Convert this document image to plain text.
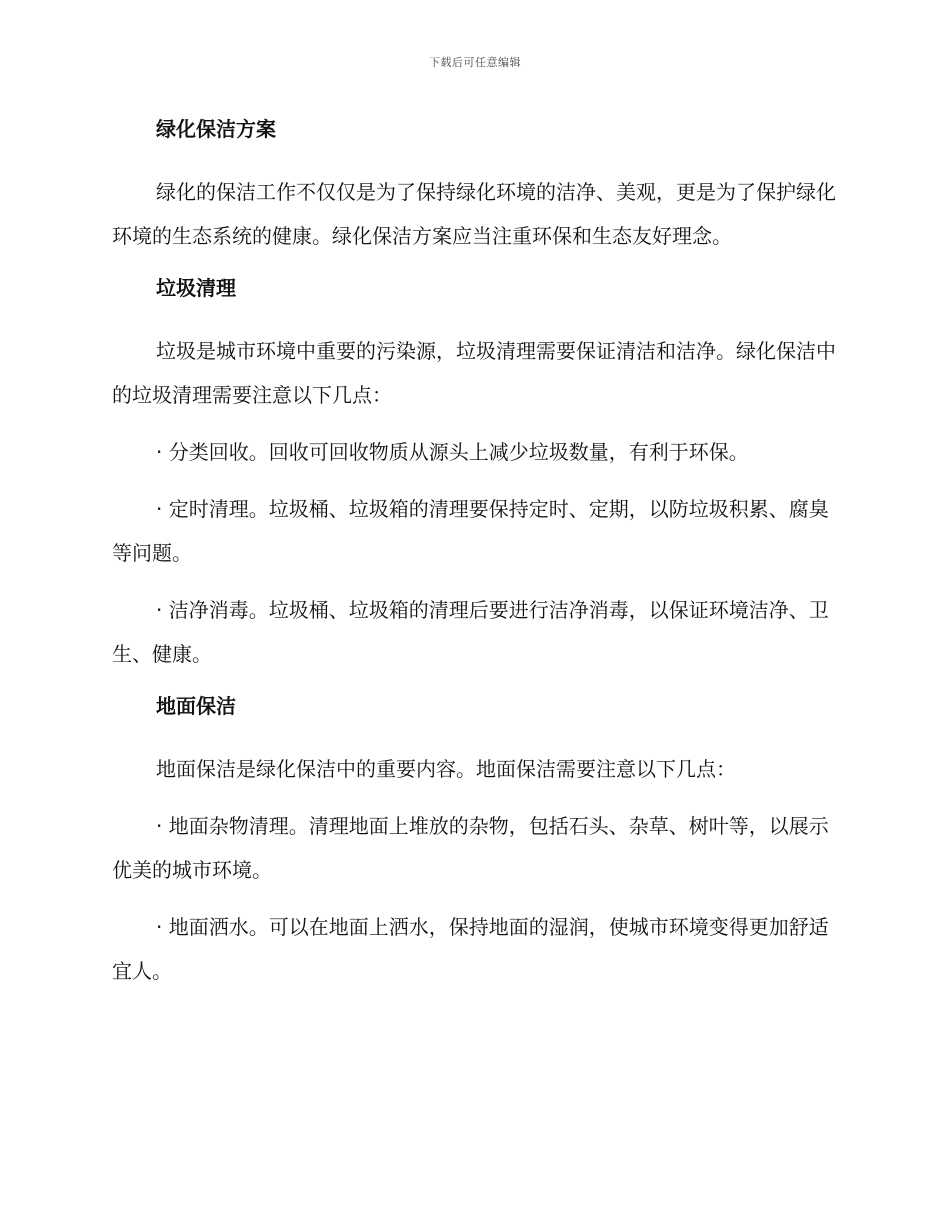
下载后可任意编辑
绿化保洁方案

绿化的保洁工作不仅仅是为了保持绿化环境的洁净、美观，更是为了保护绿化环境的生态系统的健康。绿化保洁方案应当注重环保和生态友好理念。

垃圾清理

垃圾是城市环境中重要的污染源，垃圾清理需要保证清洁和洁净。绿化保洁中的垃圾清理需要注意以下几点：

· 分类回收。回收可回收物质从源头上减少垃圾数量，有利于环保。

· 定时清理。垃圾桶、垃圾箱的清理要保持定时、定期，以防垃圾积累、腐臭等问题。

· 洁净消毒。垃圾桶、垃圾箱的清理后要进行洁净消毒，以保证环境洁净、卫生、健康。

地面保洁

地面保洁是绿化保洁中的重要内容。地面保洁需要注意以下几点：

· 地面杂物清理。清理地面上堆放的杂物，包括石头、杂草、树叶等，以展示优美的城市环境。

· 地面洒水。可以在地面上洒水，保持地面的湿润，使城市环境变得更加舒适宜人。
